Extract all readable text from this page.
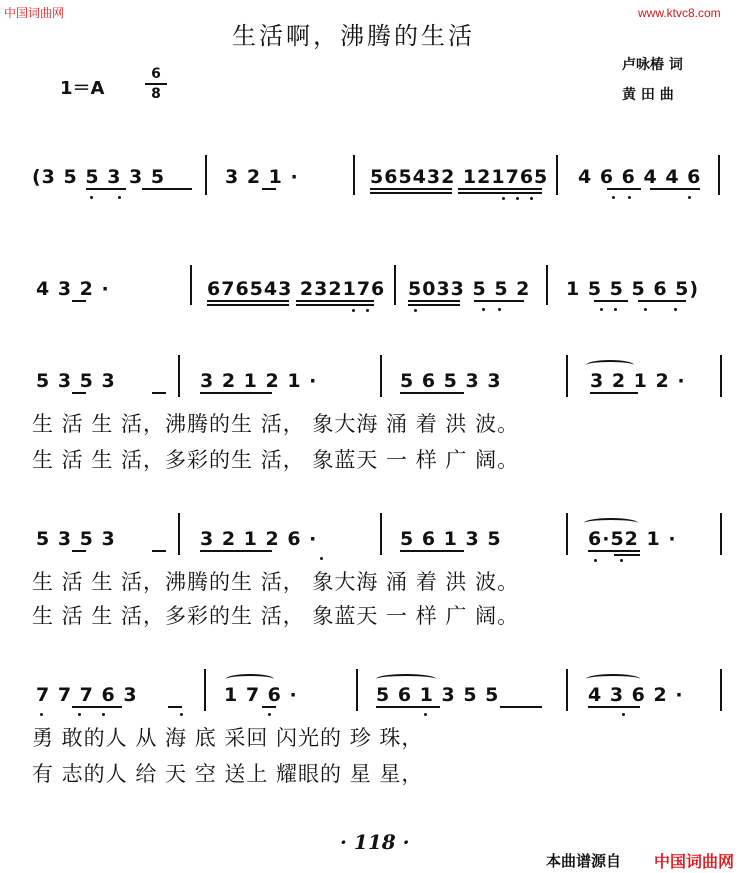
中国词曲网	www.ktvc8.com
生活啊，沸腾的生活
卢咏椿 词
黄 田 曲
1＝A
6
8
(3 5 5 3 3 5	3 2 1 ·	565432 121765 4 6 6 4 4 6
4 3 2 ·	676543 232176 5033 5 5 2 1 5 5 5 6 5)
5 3 5 3	3 2 1 2 1 ·	5 6 5 3 3	3 2 1 2 ·
生 活 生 活，沸腾的生 活， 象大海 涌 着 洪 波。
生 活 生 活，多彩的生 活， 象蓝天 一 样 广 阔。
5 3 5 3	3 2 1 2 6 ·	5 6 1 3 5	6·52 1 ·
生 活 生 活，沸腾的生 活， 象大海 涌 着 洪 波。
生 活 生 活，多彩的生 活， 象蓝天 一 样 广 阔。
7 7 7 6 3	1 7 6 ·	5 6 1 3 5 5	4 3 6 2 ·
勇 敢的人 从 海 底 采回 闪光的 珍 珠，
有 志的人 给 天 空 送上 耀眼的 星 星，
· 118 ·
本曲谱源自 中国词曲网
